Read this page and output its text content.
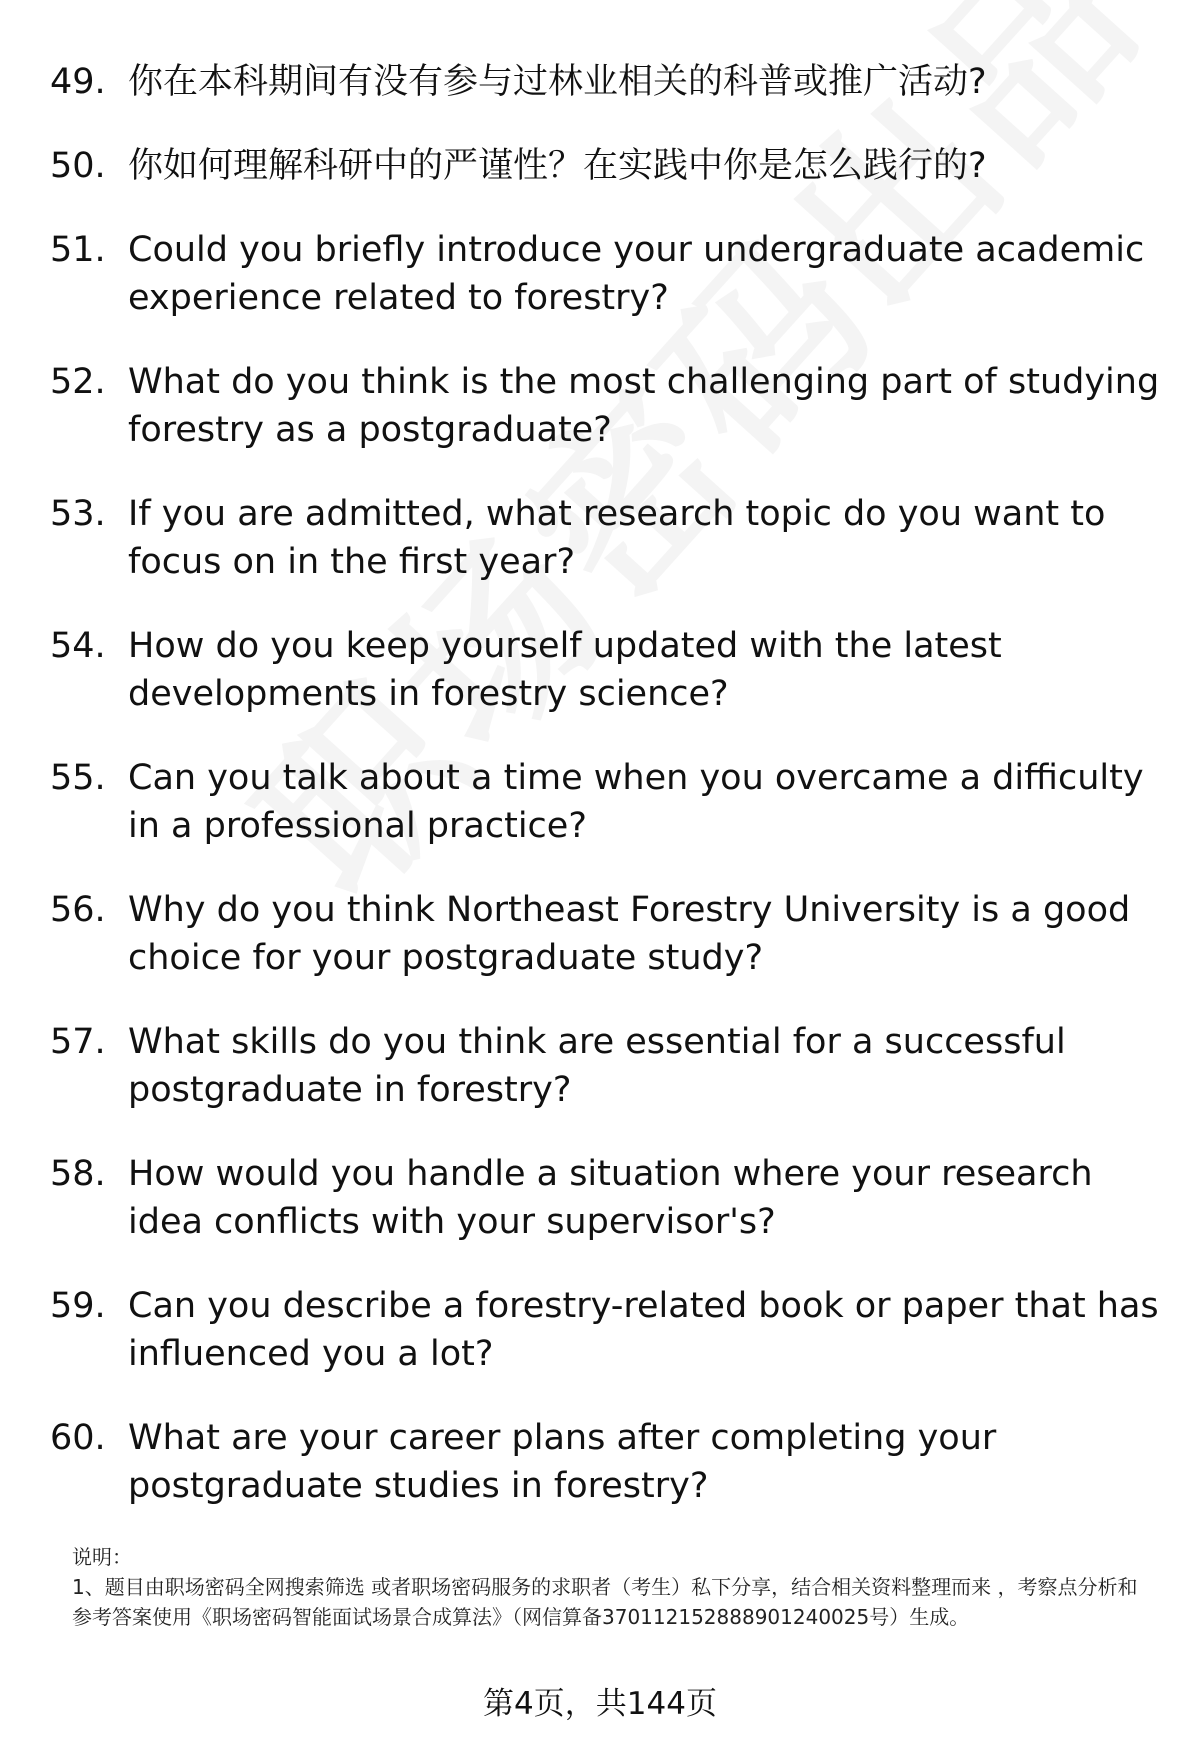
49. 你在本科期间有没有参与过林业相关的科普或推广活动?
50. 你如何理解科研中的严谨性？在实践中你是怎么践行的?
51. Could you briefly introduce your undergraduate academic experience related to forestry?
52. What do you think is the most challenging part of studying forestry as a postgraduate?
53. If you are admitted, what research topic do you want to focus on in the first year?
54. How do you keep yourself updated with the latest developments in forestry science?
55. Can you talk about a time when you overcame a difficulty in a professional practice?
56. Why do you think Northeast Forestry University is a good choice for your postgraduate study?
57. What skills do you think are essential for a successful postgraduate in forestry?
58. How would you handle a situation where your research idea conflicts with your supervisor's?
59. Can you describe a forestry-related book or paper that has influenced you a lot?
60. What are your career plans after completing your postgraduate studies in forestry?
说明：
1、题目由职场密码全网搜索筛选 或者职场密码服务的求职者（考生）私下分享，结合相关资料整理而来 ，考察点分析和参考答案使用《职场密码智能面试场景合成算法》（网信算备370112152888901240025号）生成。
第4页，共144页
